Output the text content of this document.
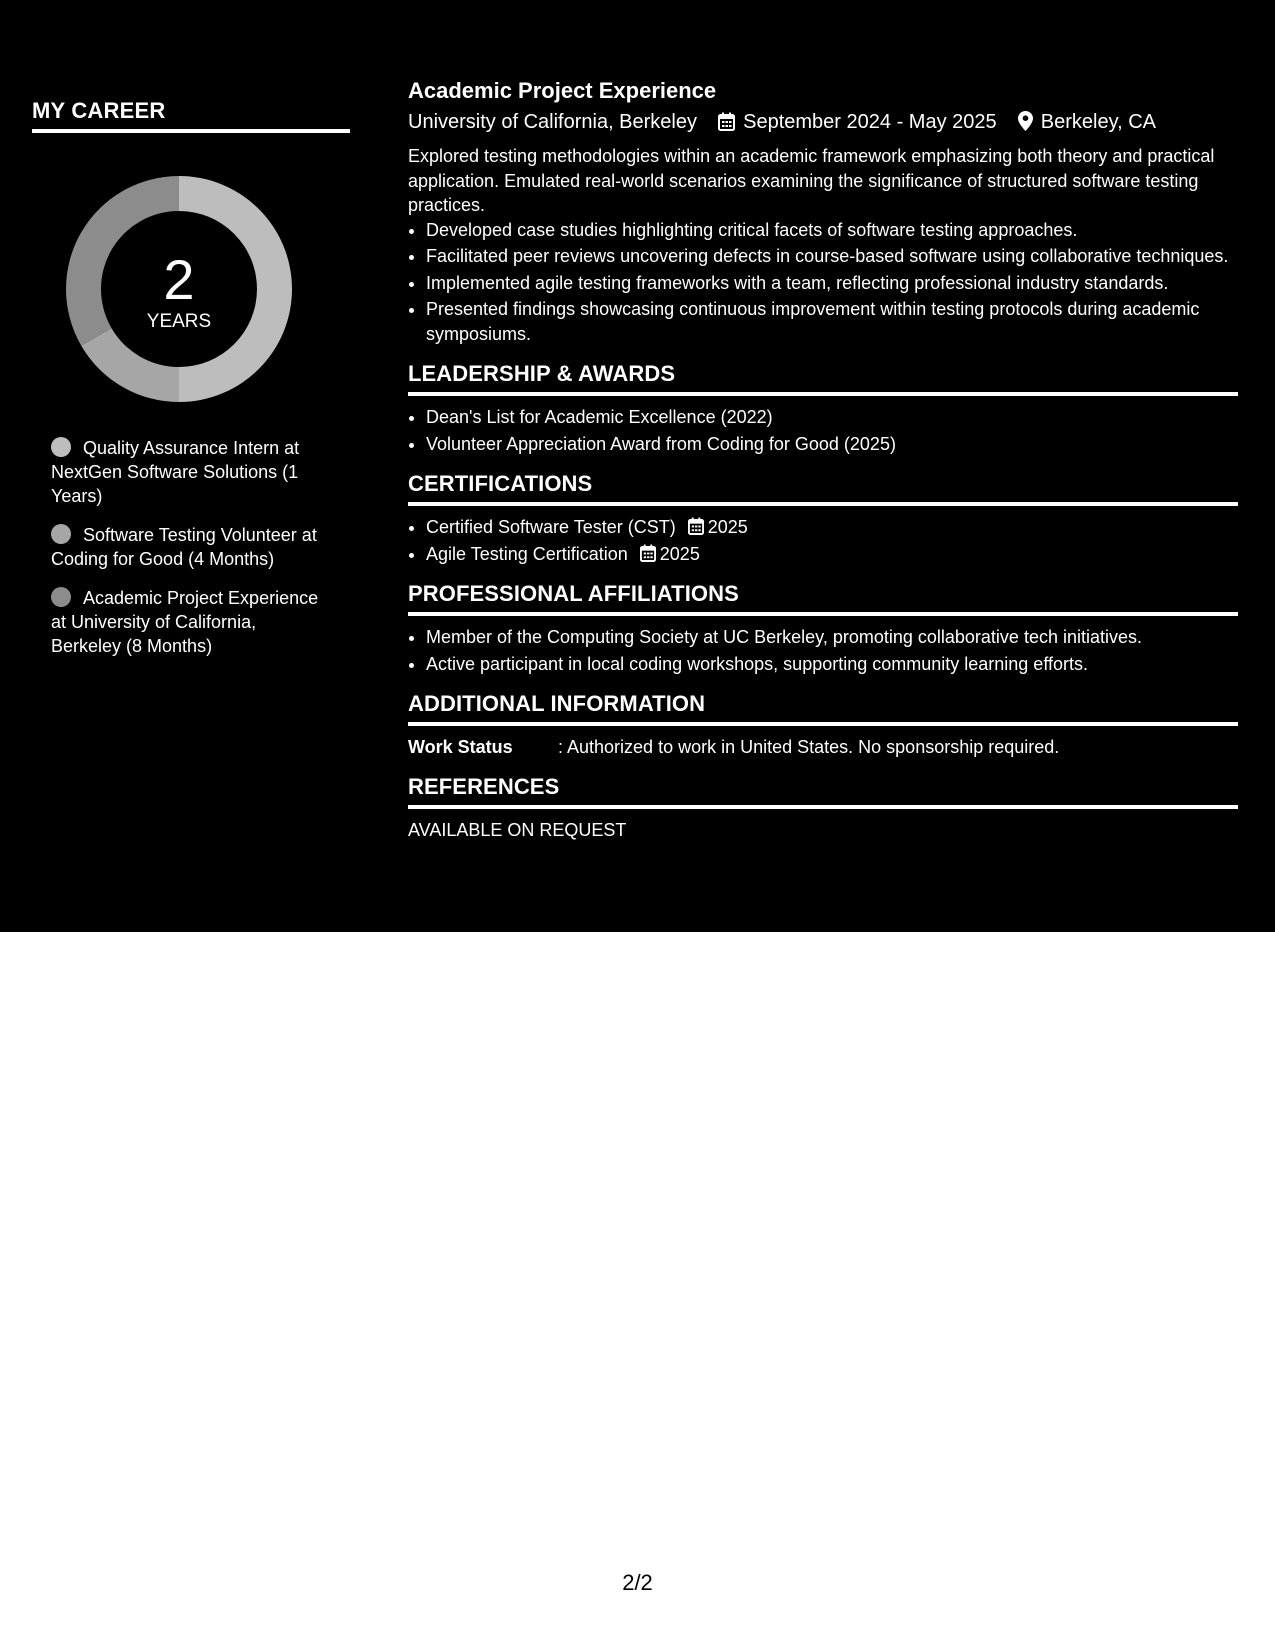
MY CAREER
2
YEARS
Quality Assurance Intern at NextGen Software Solutions (1 Years)
Software Testing Volunteer at Coding for Good (4 Months)
Academic Project Experience at University of California, Berkeley (8 Months)
Academic Project Experience
University of California, Berkeley September 2024 - May 2025 Berkeley, CA

Explored testing methodologies within an academic framework emphasizing both theory and practical application. Emulated real-world scenarios examining the significance of structured software testing practices.

• Developed case studies highlighting critical facets of software testing approaches.
• Facilitated peer reviews uncovering defects in course-based software using collaborative techniques.
• Implemented agile testing frameworks with a team, reflecting professional industry standards.
• Presented findings showcasing continuous improvement within testing protocols during academic symposiums.
LEADERSHIP & AWARDS
• Dean's List for Academic Excellence (2022)
• Volunteer Appreciation Award from Coding for Good (2025)
CERTIFICATIONS
• Certified Software Tester (CST) 2025
• Agile Testing Certification 2025
PROFESSIONAL AFFILIATIONS
• Member of the Computing Society at UC Berkeley, promoting collaborative tech initiatives.
• Active participant in local coding workshops, supporting community learning efforts.
ADDITIONAL INFORMATION
Work Status	: Authorized to work in United States. No sponsorship required.
REFERENCES
AVAILABLE ON REQUEST
2/2
